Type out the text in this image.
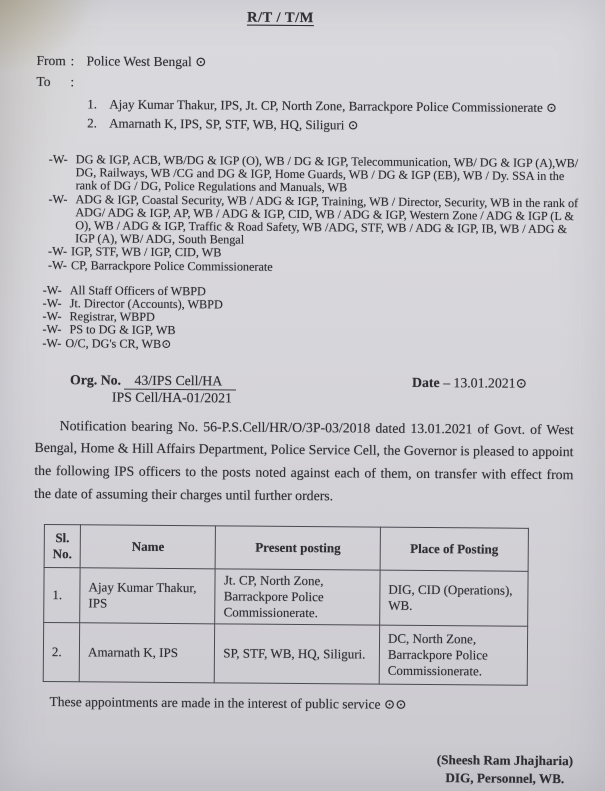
R/T / T/M
From : Police West Bengal ⊙
To	:
1. Ajay Kumar Thakur, IPS, Jt. CP, North Zone, Barrackpore Police Commissionerate ⊙
2. Amarnath K, IPS, SP, STF, WB, HQ, Siliguri ⊙
-W- DG & IGP, ACB, WB/DG & IGP (O), WB / DG & IGP, Telecommunication, WB/ DG & IGP (A),WB/ DG, Railways, WB /CG and DG & IGP, Home Guards, WB / DG & IGP (EB), WB / Dy. SSA in the rank of DG / DG, Police Regulations and Manuals, WB
-W- ADG & IGP, Coastal Security, WB / ADG & IGP, Training, WB / Director, Security, WB in the rank of ADG/ ADG & IGP, AP, WB / ADG & IGP, CID, WB / ADG & IGP, Western Zone / ADG & IGP (L & O), WB / ADG & IGP, Traffic & Road Safety, WB /ADG, STF, WB / ADG & IGP, IB, WB / ADG & IGP (A), WB/ ADG, South Bengal
-W- IGP, STF, WB / IGP, CID, WB
-W- CP, Barrackpore Police Commissionerate
-W- All Staff Officers of WBPD
-W- Jt. Director (Accounts), WBPD
-W- Registrar, WBPD
-W- PS to DG & IGP, WB
-W- O/C, DG's CR, WB⊙
Org. No. 43/IPS Cell/HA
IPS Cell/HA-01/2021
Date – 13.01.2021⊙

Notification bearing No. 56-P.S.Cell/HR/O/3P-03/2018 dated 13.01.2021 of Govt. of West Bengal, Home & Hill Affairs Department, Police Service Cell, the Governor is pleased to appoint the following IPS officers to the posts noted against each of them, on transfer with effect from the date of assuming their charges until further orders.

Sl. No.	Name	Present posting	Place of Posting
1.	Ajay Kumar Thakur, IPS	Jt. CP, North Zone, Barrackpore Police Commissionerate.	DIG, CID (Operations), WB.
2.	Amarnath K, IPS	SP, STF, WB, HQ, Siliguri.	DC, North Zone, Barrackpore Police Commissionerate.

These appointments are made in the interest of public service ⊙⊙

(Sheesh Ram Jhajharia)
DIG, Personnel, WB.
